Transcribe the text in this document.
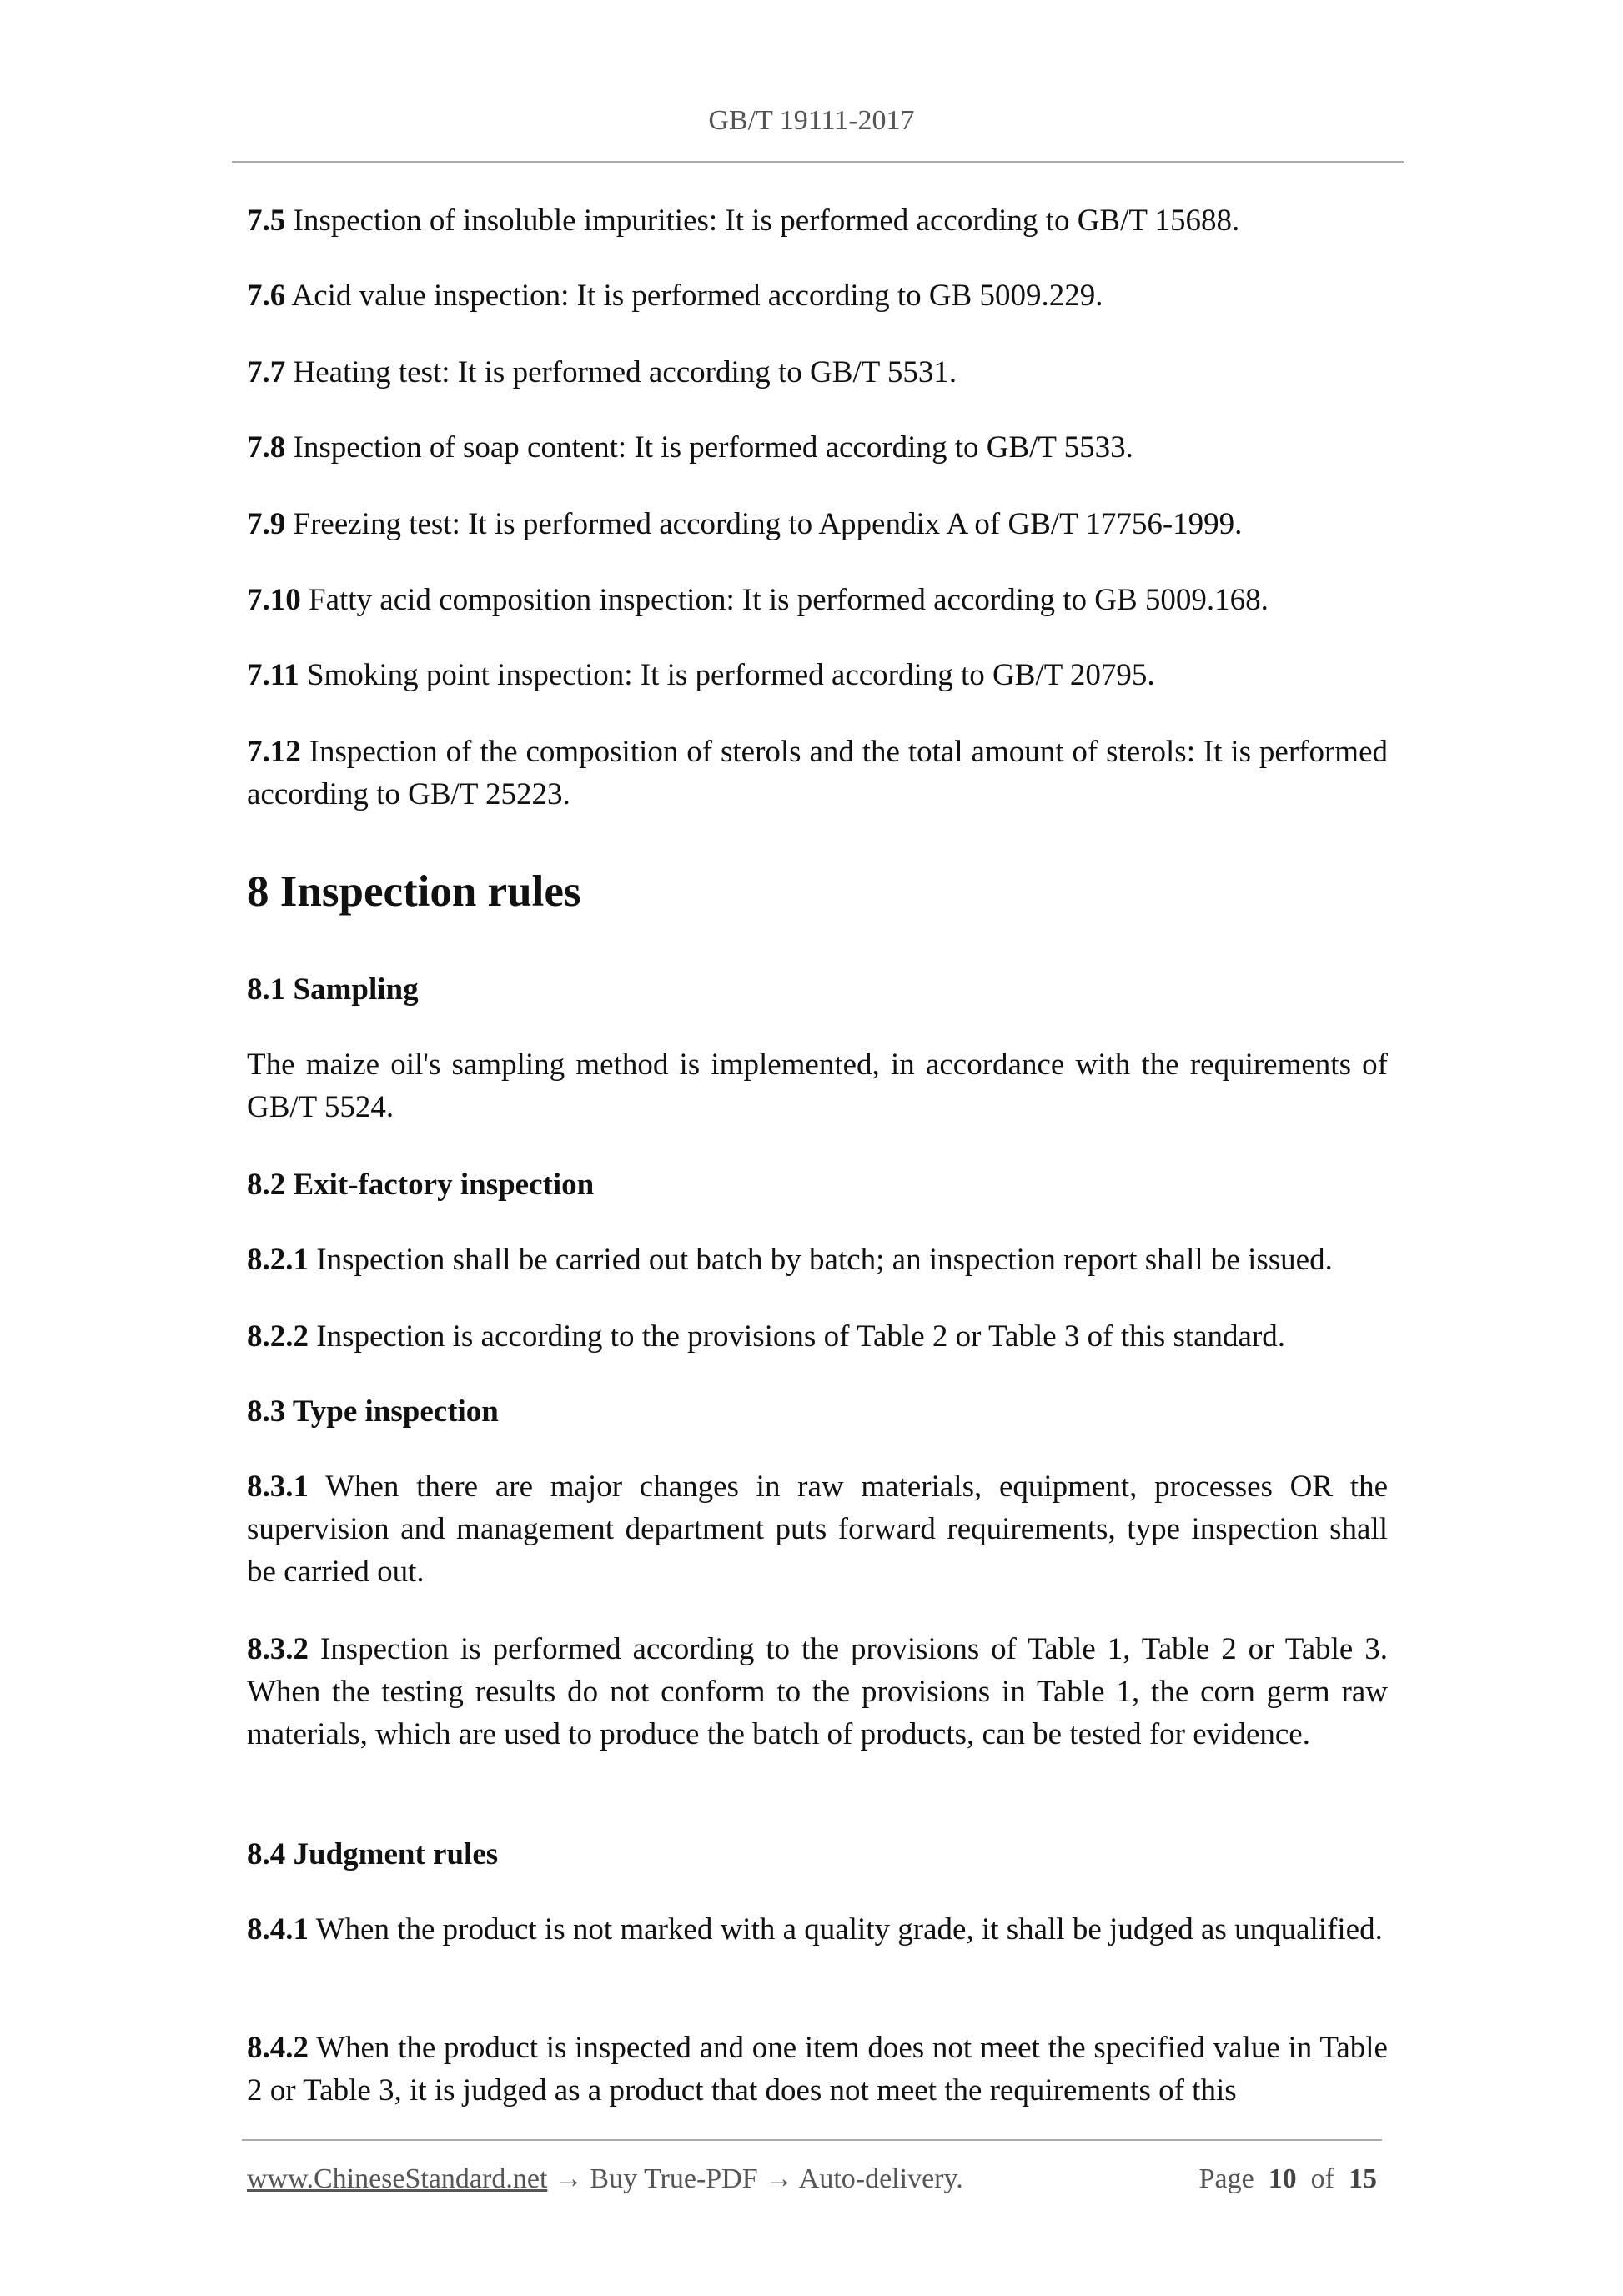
GB/T 19111-2017
7.5 Inspection of insoluble impurities: It is performed according to GB/T 15688.
7.6 Acid value inspection: It is performed according to GB 5009.229.
7.7 Heating test: It is performed according to GB/T 5531.
7.8 Inspection of soap content: It is performed according to GB/T 5533.
7.9 Freezing test: It is performed according to Appendix A of GB/T 17756-1999.
7.10 Fatty acid composition inspection: It is performed according to GB 5009.168.
7.11 Smoking point inspection: It is performed according to GB/T 20795.
7.12 Inspection of the composition of sterols and the total amount of sterols: It is performed according to GB/T 25223.
8 Inspection rules
8.1 Sampling
The maize oil's sampling method is implemented, in accordance with the requirements of GB/T 5524.
8.2 Exit-factory inspection
8.2.1 Inspection shall be carried out batch by batch; an inspection report shall be issued.
8.2.2 Inspection is according to the provisions of Table 2 or Table 3 of this standard.
8.3 Type inspection
8.3.1 When there are major changes in raw materials, equipment, processes OR the supervision and management department puts forward requirements, type inspection shall be carried out.
8.3.2 Inspection is performed according to the provisions of Table 1, Table 2 or Table 3. When the testing results do not conform to the provisions in Table 1, the corn germ raw materials, which are used to produce the batch of products, can be tested for evidence.
8.4 Judgment rules
8.4.1 When the product is not marked with a quality grade, it shall be judged as unqualified.
8.4.2 When the product is inspected and one item does not meet the specified value in Table 2 or Table 3, it is judged as a product that does not meet the requirements of this
www.ChineseStandard.net → Buy True-PDF → Auto-delivery.	Page 10 of 15
